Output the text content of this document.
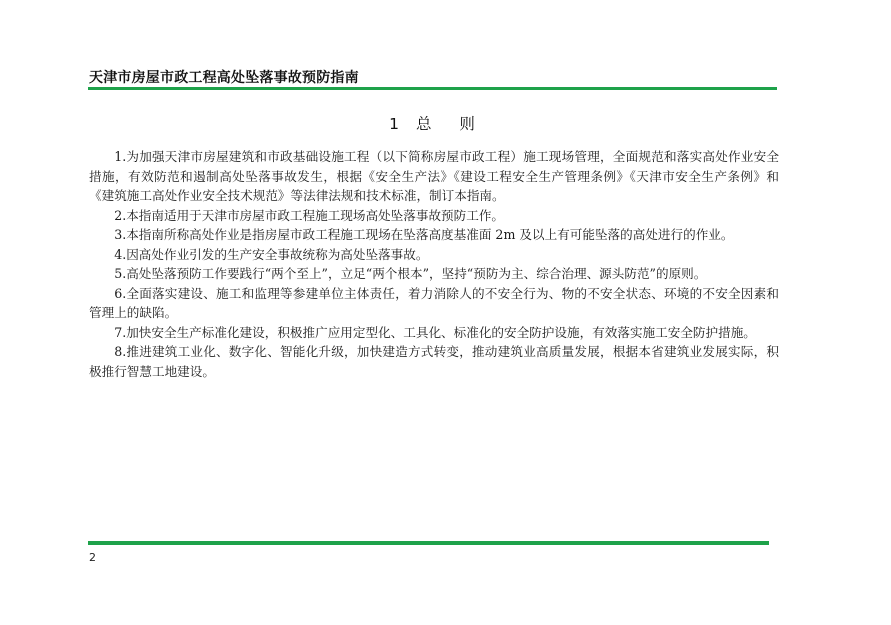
天津市房屋市政工程高处坠落事故预防指南
1 总  则

1.为加强天津市房屋建筑和市政基础设施工程（以下简称房屋市政工程）施工现场管理，全面规范和落实高处作业安全措施，有效防范和遏制高处坠落事故发生，根据《安全生产法》《建设工程安全生产管理条例》《天津市安全生产条例》和《建筑施工高处作业安全技术规范》等法律法规和技术标准，制订本指南。

2.本指南适用于天津市房屋市政工程施工现场高处坠落事故预防工作。

3.本指南所称高处作业是指房屋市政工程施工现场在坠落高度基准面 2m 及以上有可能坠落的高处进行的作业。

4.因高处作业引发的生产安全事故统称为高处坠落事故。

5.高处坠落预防工作要践行“两个至上”，立足“两个根本”，坚持“预防为主、综合治理、源头防范”的原则。

6.全面落实建设、施工和监理等参建单位主体责任，着力消除人的不安全行为、物的不安全状态、环境的不安全因素和管理上的缺陷。

7.加快安全生产标准化建设，积极推广应用定型化、工具化、标准化的安全防护设施，有效落实施工安全防护措施。

8.推进建筑工业化、数字化、智能化升级，加快建造方式转变，推动建筑业高质量发展，根据本省建筑业发展实际，积极推行智慧工地建设。

2
